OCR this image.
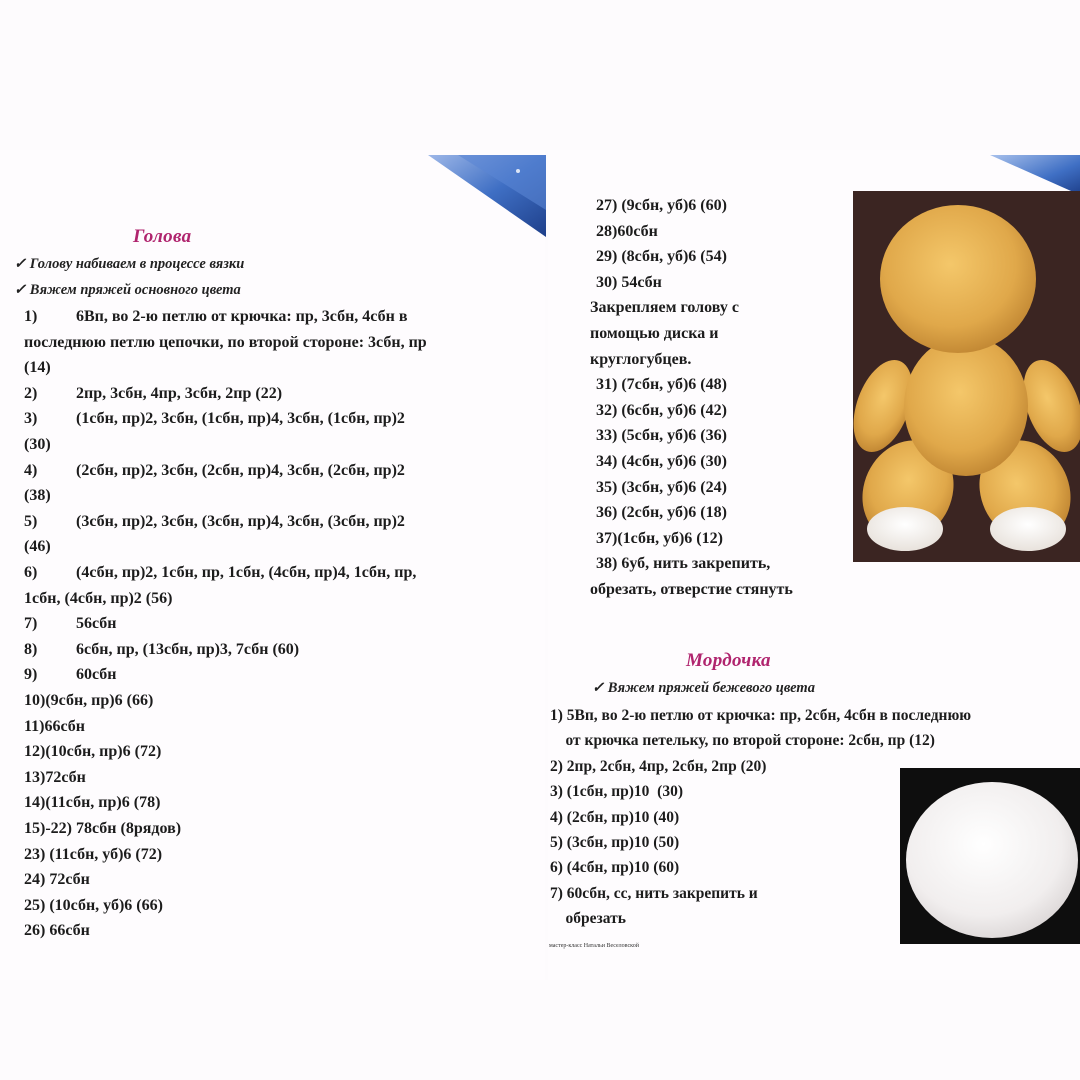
Голова
✓ Голову набиваем в процессе вязки
✓ Вяжем пряжей основного цвета
1) 6Вп, во 2-ю петлю от крючка: пр, 3сбн, 4сбн в
последнюю петлю цепочки, по второй стороне: 3сбн, пр
(14)
2) 2пр, 3сбн, 4пр, 3сбн, 2пр (22)
3) (1сбн, пр)2, 3сбн, (1сбн, пр)4, 3сбн, (1сбн, пр)2
(30)
4) (2сбн, пр)2, 3сбн, (2сбн, пр)4, 3сбн, (2сбн, пр)2
(38)
5) (3сбн, пр)2, 3сбн, (3сбн, пр)4, 3сбн, (3сбн, пр)2
(46)
6) (4сбн, пр)2, 1сбн, пр, 1сбн, (4сбн, пр)4, 1сбн, пр,
1сбн, (4сбн, пр)2 (56)
7) 56сбн
8) 6сбн, пр, (13сбн, пр)3, 7сбн (60)
9) 60сбн
10)(9сбн, пр)6 (66)
11)66сбн
12)(10сбн, пр)6 (72)
13)72сбн
14)(11сбн, пр)6 (78)
15)-22) 78сбн (8рядов)
23) (11сбн, уб)6 (72)
24) 72сбн
25) (10сбн, уб)6 (66)
26) 66сбн
27) (9сбн, уб)6 (60)
28)60сбн
29) (8сбн, уб)6 (54)
30) 54сбн
Закрепляем голову с
помощью диска и
круглогубцев.
31) (7сбн, уб)6 (48)
32) (6сбн, уб)6 (42)
33) (5сбн, уб)6 (36)
34) (4сбн, уб)6 (30)
35) (3сбн, уб)6 (24)
36) (2сбн, уб)6 (18)
37)(1сбн, уб)6 (12)
38) 6уб, нить закрепить,
обрезать, отверстие стянуть
Мордочка
✓ Вяжем пряжей бежевого цвета
1) 5Вп, во 2-ю петлю от крючка: пр, 2сбн, 4сбн в последнюю
от крючка петельку, по второй стороне: 2сбн, пр (12)
2) 2пр, 2сбн, 4пр, 2сбн, 2пр (20)
3) (1сбн, пр)10  (30)
4) (2сбн, пр)10 (40)
5) (3сбн, пр)10 (50)
6) (4сбн, пр)10 (60)
7) 60сбн, сс, нить закрепить и
обрезать
мастер-класс Натальи Веселовской
